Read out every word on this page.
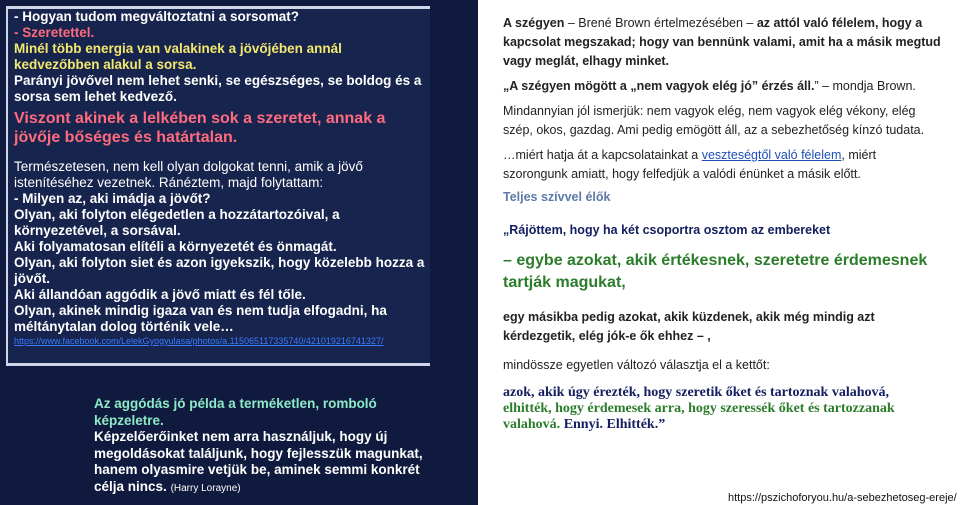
- Hogyan tudom megváltoztatni a sorsomat?

- Szeretettel.

Minél több energia van valakinek a jövőjében annál kedvezőbben alakul a sorsa.

Parányi jövővel nem lehet senki, se egészséges, se boldog és a sorsa sem lehet kedvező.

Viszont akinek a lelkében sok a szeretet, annak a jövője bőséges és határtalan.

Természetesen, nem kell olyan dolgokat tenni, amik a jövő istenítéséhez vezetnek. Ránéztem, majd folytattam:

- Milyen az, aki imádja a jövőt?

Olyan, aki folyton elégedetlen a hozzátartozóival, a környezetével, a sorsával.

Aki folyamatosan elítéli a környezetét és önmagát.

Olyan, aki folyton siet és azon igyekszik, hogy közelebb hozza a jövőt.

Aki állandóan aggódik a jövő miatt és fél tőle.

Olyan, akinek mindig igaza van és nem tudja elfogadni, ha méltánytalan dolog történik vele…

https://www.facebook.com/LelekGyogyulasa/photos/a.115065117335740/421019216741327/

Az aggódás jó példa a terméketlen, romboló képzeletre.

Képzelőerőinket nem arra használjuk, hogy új megoldásokat találjunk, hogy fejlesszük magunkat, hanem olyasmire vetjük be, aminek semmi konkrét célja nincs. (Harry Lorayne)

A szégyen – Brené Brown értelmezésében – az attól való félelem, hogy a kapcsolat megszakad; hogy van bennünk valami, amit ha a másik megtud vagy meglát, elhagy minket.

„A szégyen mögött a „nem vagyok elég jó” érzés áll.” – mondja Brown.

Mindannyian jól ismerjük: nem vagyok elég, nem vagyok elég vékony, elég szép, okos, gazdag. Ami pedig emögött áll, az a sebezhetőség kínzó tudata.

…miért hatja át a kapcsolatainkat a veszteségtől való félelem, miért szorongunk amiatt, hogy felfedjük a valódi énünket a másik előtt.

Teljes szívvel élők

„Rájöttem, hogy ha két csoportra osztom az embereket

– egybe azokat, akik értékesnek, szeretetre érdemesnek tartják magukat,

egy másikba pedig azokat, akik küzdenek, akik még mindig azt kérdezgetik, elég jók-e ők ehhez – ,

mindössze egyetlen változó választja el a kettőt:

azok, akik úgy érezték, hogy szeretik őket és tartoznak valahová,

elhitték, hogy érdemesek arra, hogy szeressék őket és tartozzanak valahová. Ennyi. Elhitték.”

https://pszichoforyou.hu/a-sebezhetoseg-ereje/
